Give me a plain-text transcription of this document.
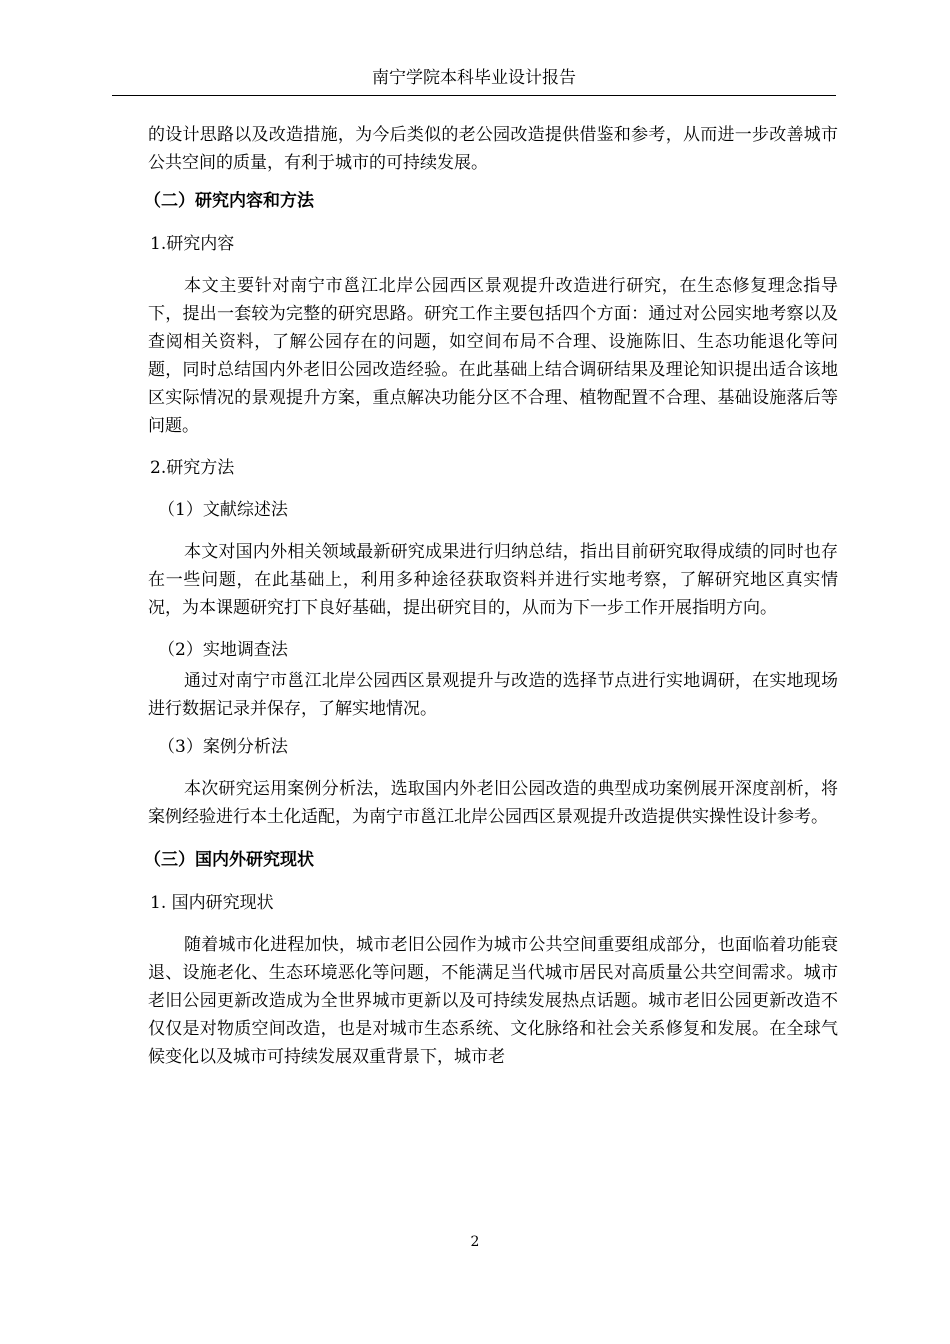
南宁学院本科毕业设计报告

的设计思路以及改造措施，为今后类似的老公园改造提供借鉴和参考，从而进一步改善城市公共空间的质量，有利于城市的可持续发展。

（二）研究内容和方法

1.研究内容

本文主要针对南宁市邕江北岸公园西区景观提升改造进行研究，在生态修复理念指导下，提出一套较为完整的研究思路。研究工作主要包括四个方面：通过对公园实地考察以及查阅相关资料，了解公园存在的问题，如空间布局不合理、设施陈旧、生态功能退化等问题，同时总结国内外老旧公园改造经验。在此基础上结合调研结果及理论知识提出适合该地区实际情况的景观提升方案，重点解决功能分区不合理、植物配置不合理、基础设施落后等问题。

2.研究方法

（1）文献综述法

本文对国内外相关领域最新研究成果进行归纳总结，指出目前研究取得成绩的同时也存在一些问题，在此基础上，利用多种途径获取资料并进行实地考察，了解研究地区真实情况，为本课题研究打下良好基础，提出研究目的，从而为下一步工作开展指明方向。

（2）实地调查法

通过对南宁市邕江北岸公园西区景观提升与改造的选择节点进行实地调研，在实地现场进行数据记录并保存，了解实地情况。

（3）案例分析法

本次研究运用案例分析法，选取国内外老旧公园改造的典型成功案例展开深度剖析，将案例经验进行本土化适配，为南宁市邕江北岸公园西区景观提升改造提供实操性设计参考。

（三）国内外研究现状

1. 国内研究现状

随着城市化进程加快，城市老旧公园作为城市公共空间重要组成部分，也面临着功能衰退、设施老化、生态环境恶化等问题，不能满足当代城市居民对高质量公共空间需求。城市老旧公园更新改造成为全世界城市更新以及可持续发展热点话题。城市老旧公园更新改造不仅仅是对物质空间改造，也是对城市生态系统、文化脉络和社会关系修复和发展。在全球气候变化以及城市可持续发展双重背景下，城市老

2
